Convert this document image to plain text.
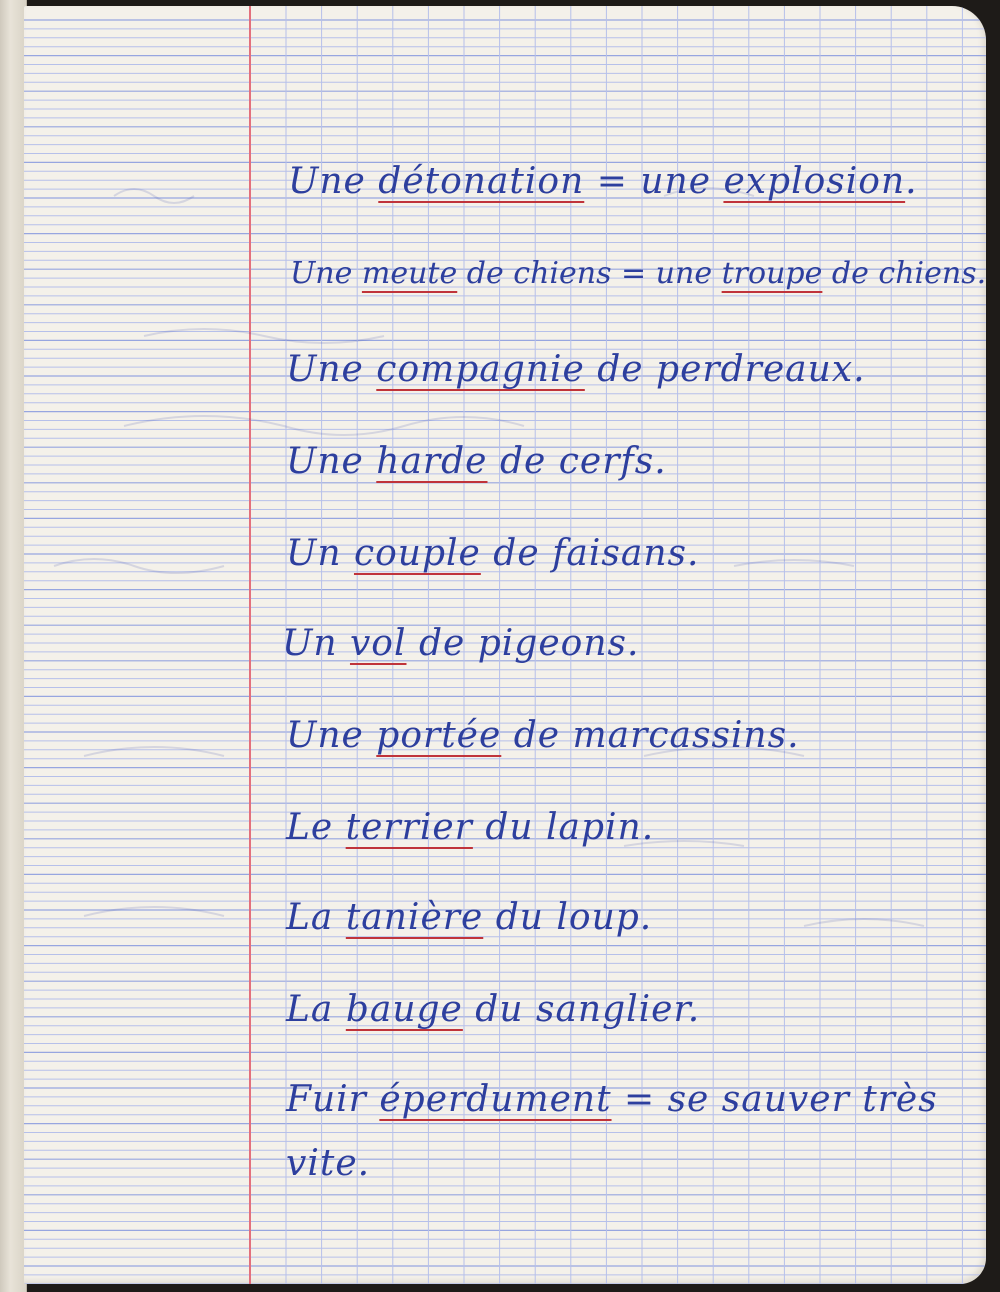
Une détonation = une explosion.

Une meute de chiens = une troupe de chiens.

Une compagnie de perdreaux.

Une harde de cerfs.

Un couple de faisans.

Un vol de pigeons.

Une portée de marcassins.

Le terrier du lapin.

La tanière du loup.

La bauge du sanglier.

Fuir éperdument = se sauver très

vite.
